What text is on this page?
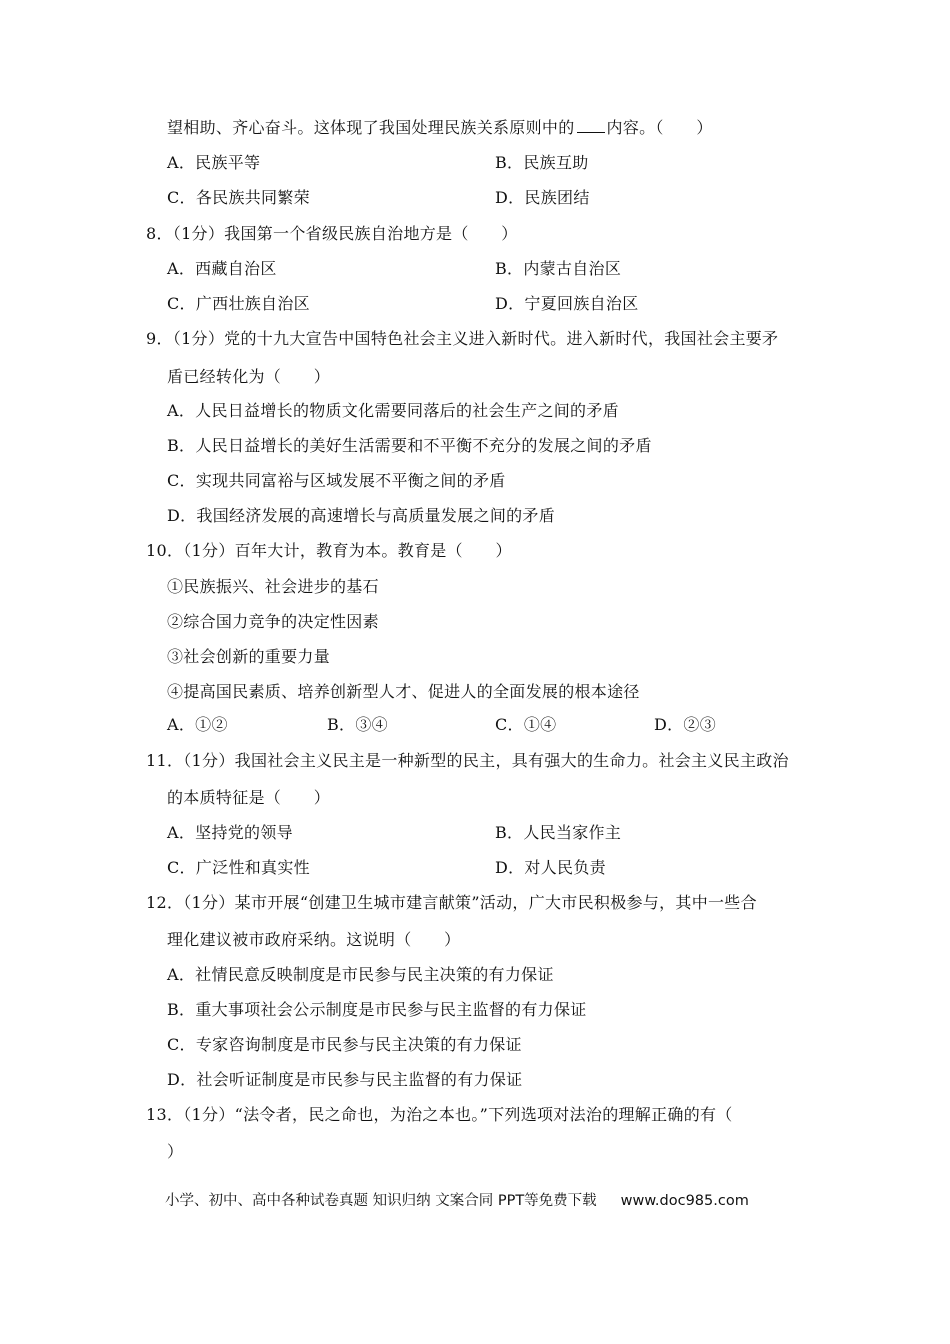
望相助、齐心奋斗。这体现了我国处理民族关系原则中的 内容。（　　）
A．民族平等	B．民族互助
C．各民族共同繁荣	D．民族团结
8．（1分）我国第一个省级民族自治地方是（　　）
A．西藏自治区	B．内蒙古自治区
C．广西壮族自治区	D．宁夏回族自治区
9．（1分）党的十九大宣告中国特色社会主义进入新时代。进入新时代，我国社会主要矛
盾已经转化为（　　）
A．人民日益增长的物质文化需要同落后的社会生产之间的矛盾
B．人民日益增长的美好生活需要和不平衡不充分的发展之间的矛盾
C．实现共同富裕与区域发展不平衡之间的矛盾
D．我国经济发展的高速增长与高质量发展之间的矛盾
10．（1分）百年大计，教育为本。教育是（　　）
①民族振兴、社会进步的基石
②综合国力竞争的决定性因素
③社会创新的重要力量
④提高国民素质、培养创新型人才、促进人的全面发展的根本途径
A．①②	B．③④	C．①④	D．②③
11．（1分）我国社会主义民主是一种新型的民主，具有强大的生命力。社会主义民主政治
的本质特征是（　　）
A．坚持党的领导	B．人民当家作主
C．广泛性和真实性	D．对人民负责
12．（1分）某市开展“创建卫生城市建言献策”活动，广大市民积极参与，其中一些合
理化建议被市政府采纳。这说明（　　）
A．社情民意反映制度是市民参与民主决策的有力保证
B．重大事项社会公示制度是市民参与民主监督的有力保证
C．专家咨询制度是市民参与民主决策的有力保证
D．社会听证制度是市民参与民主监督的有力保证
13．（1分）“法令者，民之命也，为治之本也。”下列选项对法治的理解正确的有（
）
小学、初中、高中各种试卷真题 知识归纳 文案合同 PPT等免费下载 www.doc985.com
